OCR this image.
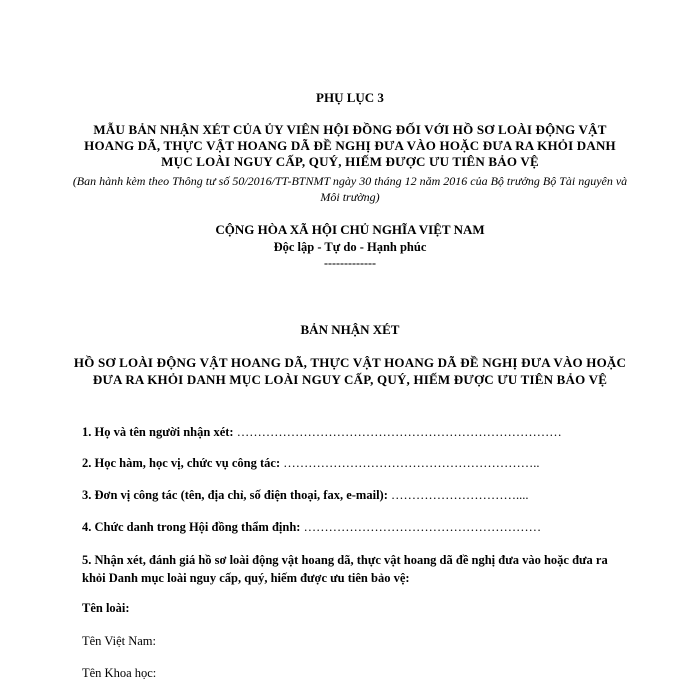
PHỤ LỤC 3
MẪU BẢN NHẬN XÉT CỦA ỦY VIÊN HỘI ĐỒNG ĐỐI VỚI HỒ SƠ LOÀI ĐỘNG VẬT HOANG DÃ, THỰC VẬT HOANG DÃ ĐỀ NGHỊ ĐƯA VÀO HOẶC ĐƯA RA KHỎI DANH MỤC LOÀI NGUY CẤP, QUÝ, HIẾM ĐƯỢC ƯU TIÊN BẢO VỆ
(Ban hành kèm theo Thông tư số 50/2016/TT-BTNMT ngày 30 tháng 12 năm 2016 của Bộ trưởng Bộ Tài nguyên và Môi trường)
CỘNG HÒA XÃ HỘI CHỦ NGHĨA VIỆT NAM
Độc lập - Tự do - Hạnh phúc
-------------
BẢN NHẬN XÉT
HỒ SƠ LOÀI ĐỘNG VẬT HOANG DÃ, THỰC VẬT HOANG DÃ ĐỀ NGHỊ ĐƯA VÀO HOẶC ĐƯA RA KHỎI DANH MỤC LOÀI NGUY CẤP, QUÝ, HIẾM ĐƯỢC ƯU TIÊN BẢO VỆ
1. Họ và tên người nhận xét: ……………………………………………………………………
2. Học hàm, học vị, chức vụ công tác: ……………………………………………………..
3. Đơn vị công tác (tên, địa chỉ, số điện thoại, fax, e-mail): …………………………....
4. Chức danh trong Hội đồng thẩm định: …………………………………………………
5. Nhận xét, đánh giá hồ sơ loài động vật hoang dã, thực vật hoang dã đề nghị đưa vào hoặc đưa ra khỏi Danh mục loài nguy cấp, quý, hiếm được ưu tiên bảo vệ:
Tên loài:
Tên Việt Nam:
Tên Khoa học:
